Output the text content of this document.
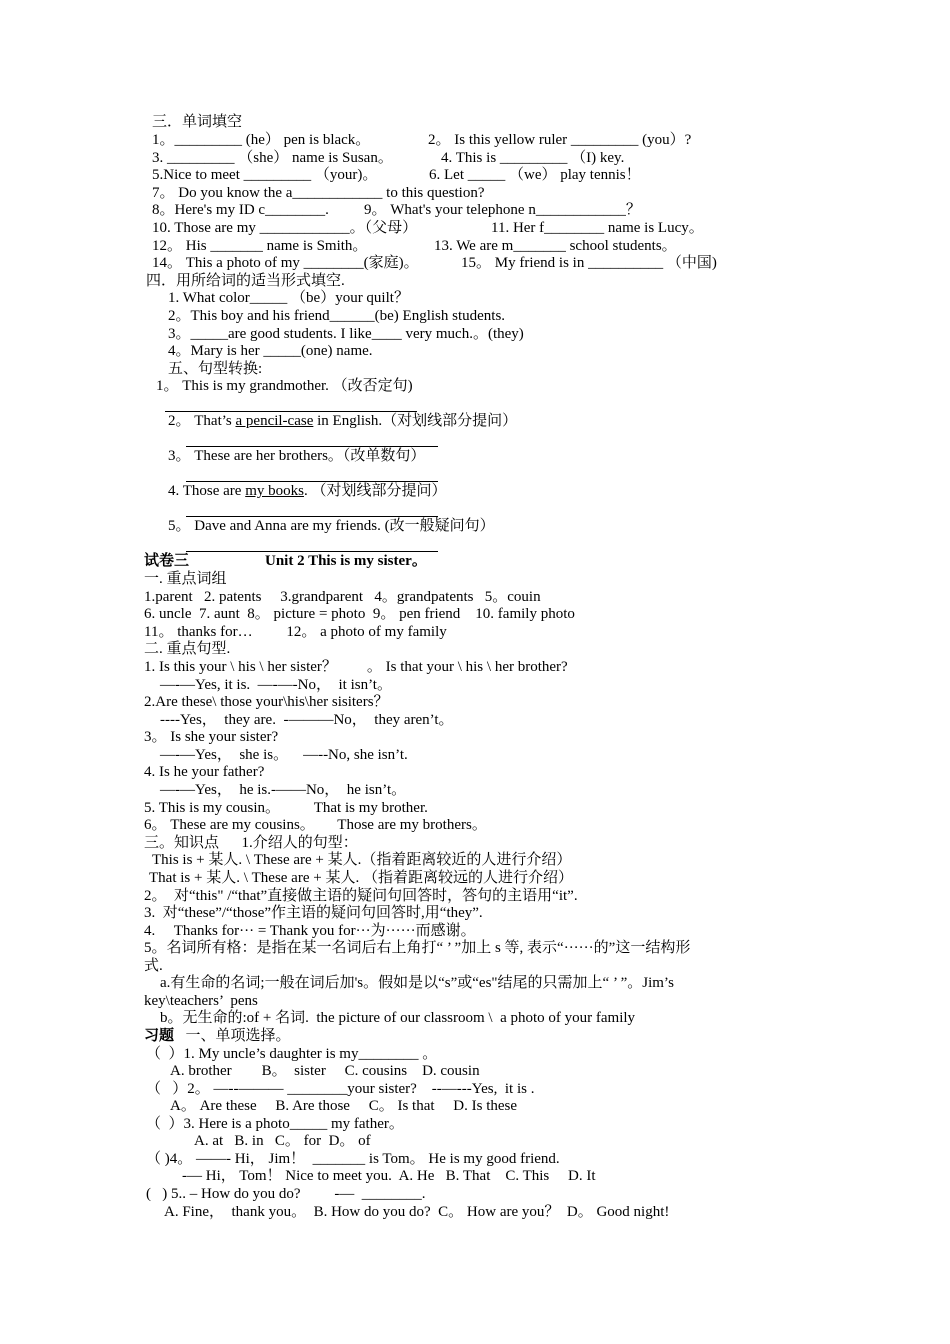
三．单词填空
1。_________ (he） pen is black。	2。 Is this yellow ruler _________ (you）?
3. _________ （she） name is Susan。	4. This is _________ （I) key.
5.Nice to meet _________ （your)。	6. Let _____ （we） play tennis！
7。 Do you know the a____________ to this question?
8。Here's my ID c________. 9。 What's your telephone n____________？
10. Those are my ____________。（父母）	11. Her f________ name is Lucy。
12。 His _______ name is Smith。	13. We are m_______ school students。
14。 This a photo of my ________(家庭)。	15。 My friend is in __________ （中国)
四．用所给词的适当形式填空.
1. What color_____ （be）your quilt？
2。This boy and his friend______(be) English students.
3。_____are good students. I like____ very much.。(they)
4。Mary is her _____(one) name.
五、句型转换:
1。 This is my grandmother. （改否定句)

2。 That’s a pencil-case in English.（对划线部分提问）

3。 These are her brothers。（改单数句）

4. Those are my books. （对划线部分提问）

5。 Dave and Anna are my friends. (改一般疑问句）

试卷三

	Unit 2 This is my sister。

一. 重点词组
1.parent   2. patents     3.grandparent   4。grandpatents   5。couin
6. uncle  7. aunt  8。 picture = photo  9。 pen friend    10. family photo
11。 thanks for…         12。 a photo of my family
二. 重点句型.
1. Is this your \ his \ her sister？        。 Is that your \ his \ her brother?
—-—Yes, it is.  —-—-No，  it isn’t。
2.Are these\ those your\his\her sisiters？
----Yes，  they are.  -———No，  they aren’t。
3。 Is she your sister?
—-—Yes，  she is。    —--No, she isn’t.
4. Is he your father?
—-—Yes，  he is.-——No，  he isn’t。
5. This is my cousin。         That is my brother.
6。 These are my cousins。      Those are my brothers。
三。知识点      1.介绍人的句型：
This is + 某人. \ These are + 某人.（指着距离较近的人进行介绍）
That is + 某人. \ These are + 某人. （指着距离较远的人进行介绍）
2。  对“this" /“that”直接做主语的疑问句回答时，答句的主语用“it”.
3.  对“these”/“those”作主语的疑问句回答时,用“they”.
4.     Thanks for··· = Thank you for···为······而感谢。
5。名词所有格：是指在某一名词后右上角打“ ’ ”加上 s 等, 表示“······的”这一结构形
式.
a.有生命的名词;一般在词后加's。假如是以“s”或“es"结尾的只需加上“ ’ ”。Jim’s
key\teachers’  pens
b。无生命的:of + 名词.  the picture of our classroom \  a photo of your family

习题

一、单项选择。

（  ）1. My uncle’s daughter is my________ 。
A. brother        B。  sister     C. cousins    D. cousin
（   ）2。 —--——— ________your sister?    --—---Yes,  it is .
A。 Are these     B. Are those     C。 Is that     D. Is these
（  ）3. Here is a photo_____ my father。
A. at   B. in   C。 for  D。 of
（ )4。 ——- Hi， Jim！  _______ is Tom。 He is my good friend.
-— Hi， Tom！ Nice to meet you.  A. He   B. That    C. This     D. It
(   ) 5.. – How do you do?         -—  ________.
A. Fine，  thank you。  B. How do you do?  C。 How are you？  D。 Good night!
